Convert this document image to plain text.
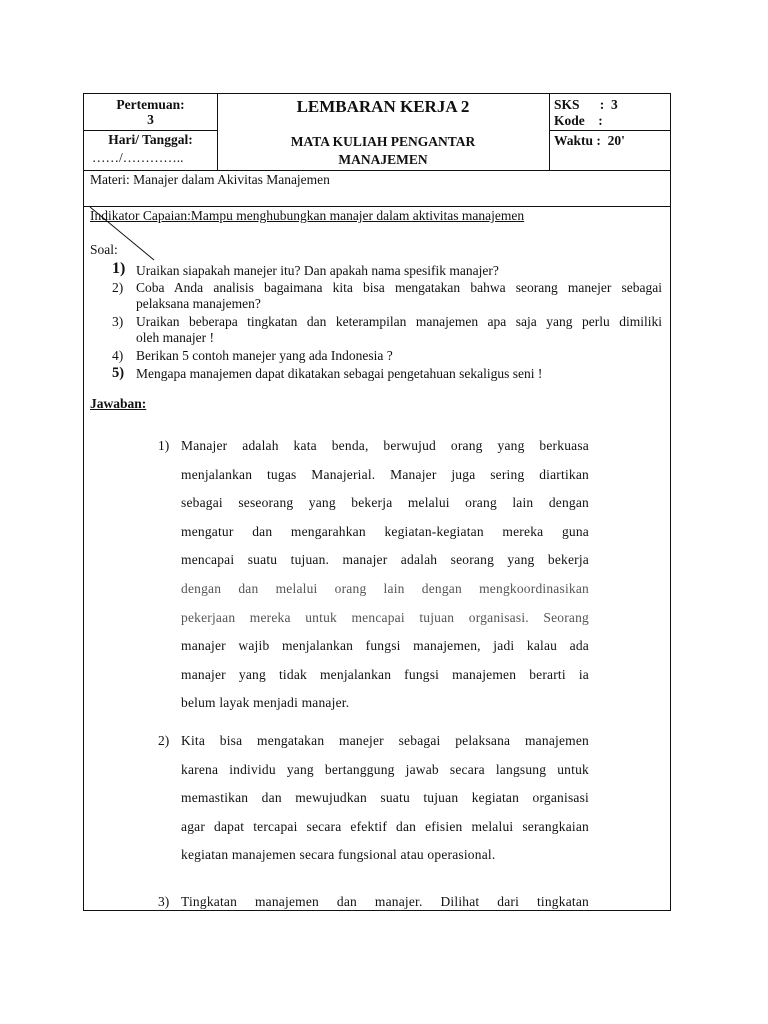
Pertemuan:
3
Hari/ Tanggal:
……/…………..
LEMBARAN KERJA 2
MATA KULIAH PENGANTAR
MANAJEMEN
SKS      :  3
Kode    :
Waktu :  20'
Materi: Manajer dalam Akivitas Manajemen
Indikator Capaian:Mampu menghubungkan manajer dalam aktivitas manajemen
Soal:
1) Uraikan siapakah manejer itu? Dan apakah nama spesifik manajer?
2) Coba Anda analisis bagaimana kita bisa mengatakan bahwa seorang manejer sebagai
pelaksana manajemen?
3) Uraikan beberapa tingkatan dan keterampilan manajemen apa saja yang perlu dimiliki
oleh manajer !
4) Berikan 5 contoh manejer yang ada Indonesia ?
5) Mengapa manajemen dapat dikatakan sebagai pengetahuan sekaligus seni !
Jawaban:
1) Manajer adalah kata benda, berwujud orang yang berkuasa
menjalankan tugas Manajerial. Manajer juga sering diartikan
sebagai seseorang yang bekerja melalui orang lain dengan
mengatur dan mengarahkan kegiatan-kegiatan mereka guna
mencapai suatu tujuan. manajer adalah seorang yang bekerja
dengan dan melalui orang lain dengan mengkoordinasikan
pekerjaan mereka untuk mencapai tujuan organisasi. Seorang
manajer wajib menjalankan fungsi manajemen, jadi kalau ada
manajer yang tidak menjalankan fungsi manajemen berarti ia
belum layak menjadi manajer.
2) Kita bisa mengatakan manejer sebagai pelaksana manajemen
karena individu yang bertanggung jawab secara langsung untuk
memastikan dan mewujudkan suatu tujuan kegiatan organisasi
agar dapat tercapai secara efektif dan efisien melalui serangkaian
kegiatan manajemen secara fungsional atau operasional.
3) Tingkatan manajemen dan manajer. Dilihat dari tingkatan
